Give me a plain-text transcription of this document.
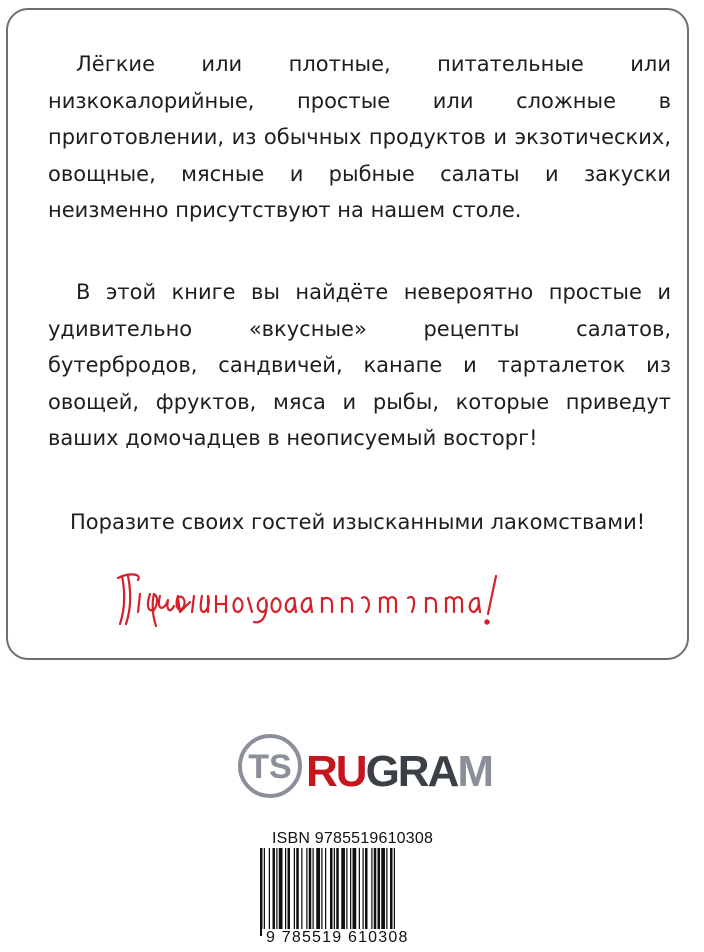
Лёгкие или плотные, питательные или низкокалорийные, простые или сложные в приготовлении, из обычных продуктов и экзотических, овощные, мясные и рыбные салаты и закуски неизменно присутствуют на нашем столе.

В этой книге вы найдёте невероятно простые и удивительно «вкусные» рецепты салатов, бутербродов, сандвичей, канапе и тарталеток из овощей, фруктов, мяса и рыбы, которые приведут ваших домочадцев в неописуемый восторг!

Поразите своих гостей изысканными лакомствами!

TS RUGRAM
ISBN 9785519610308
9 785519 610308
